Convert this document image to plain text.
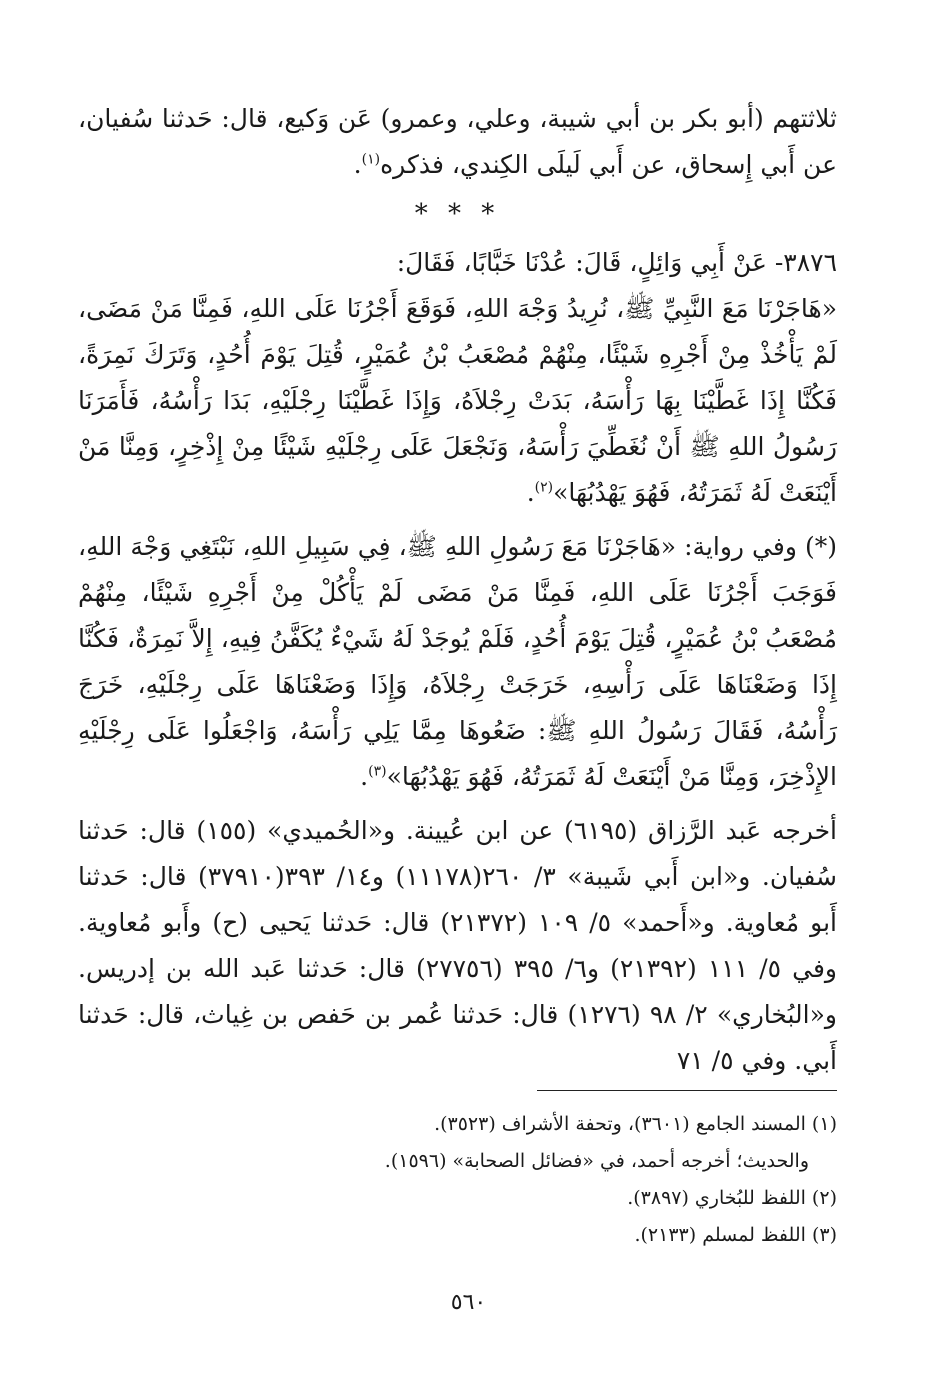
ثلاثتهم (أبو بكر بن أبي شيبة، وعلي، وعمرو) عَن وَكيع، قال: حَدثنا سُفيان، عن أَبي إِسحاق، عن أَبي لَيلَى الكِندي، فذكره$^{(١)}$.

* * *

٣٨٧٦- عَنْ أَبِي وَائِلٍ، قَالَ: عُدْنَا خَبَّابًا، فَقَالَ:

«هَاجَرْنَا مَعَ النَّبِيِّ ﷺ، نُرِيدُ وَجْهَ اللهِ، فَوَقَعَ أَجْرُنَا عَلَى اللهِ، فَمِنَّا مَنْ مَضَى، لَمْ يَأْخُذْ مِنْ أَجْرِهِ شَيْئًا، مِنْهُمْ مُصْعَبُ بْنُ عُمَيْرٍ، قُتِلَ يَوْمَ أُحُدٍ، وَتَرَكَ نَمِرَةً، فَكُنَّا إِذَا غَطَّيْنَا بِهَا رَأْسَهُ، بَدَتْ رِجْلاَهُ، وَإِذَا غَطَّيْنَا رِجْلَيْهِ، بَدَا رَأْسُهُ، فَأَمَرَنَا رَسُولُ اللهِ ﷺ أَنْ نُغَطِّيَ رَأْسَهُ، وَنَجْعَلَ عَلَى رِجْلَيْهِ شَيْئًا مِنْ إِذْخِرٍ، وَمِنَّا مَنْ أَيْنَعَتْ لَهُ ثَمَرَتُهُ، فَهُوَ يَهْدُبُهَا»$^{(٢)}$.

(*) وفي رواية: «هَاجَرْنَا مَعَ رَسُولِ اللهِ ﷺ، فِي سَبِيلِ اللهِ، نَبْتَغِي وَجْهَ اللهِ، فَوَجَبَ أَجْرُنَا عَلَى اللهِ، فَمِنَّا مَنْ مَضَى لَمْ يَأْكُلْ مِنْ أَجْرِهِ شَيْئًا، مِنْهُمْ مُصْعَبُ بْنُ عُمَيْرٍ، قُتِلَ يَوْمَ أُحُدٍ، فَلَمْ يُوجَدْ لَهُ شَيْءٌ يُكَفَّنُ فِيهِ، إِلاَّ نَمِرَةٌ، فَكُنَّا إِذَا وَضَعْنَاهَا عَلَى رَأْسِهِ، خَرَجَتْ رِجْلاَهُ، وَإِذَا وَضَعْنَاهَا عَلَى رِجْلَيْهِ، خَرَجَ رَأْسُهُ، فَقَالَ رَسُولُ اللهِ ﷺ: ضَعُوهَا مِمَّا يَلِي رَأْسَهُ، وَاجْعَلُوا عَلَى رِجْلَيْهِ الإِذْخِرَ، وَمِنَّا مَنْ أَيْنَعَتْ لَهُ ثَمَرَتُهُ، فَهُوَ يَهْدُبُهَا»$^{(٣)}$.

أخرجه عَبد الرَّزاق (٦١٩٥) عن ابن عُيينة. و«الحُميدي» (١٥٥) قال: حَدثنا سُفيان. و«ابن أَبي شَيبة» ٣/ ٢٦٠(١١١٧٨) و١٤/ ٣٩٣(٣٧٩١٠) قال: حَدثنا أَبو مُعاوية. و«أَحمد» ٥/ ١٠٩ (٢١٣٧٢) قال: حَدثنا يَحيى (ح) وأَبو مُعاوية. وفي ٥/ ١١١ (٢١٣٩٢) و٦/ ٣٩٥ (٢٧٧٥٦) قال: حَدثنا عَبد الله بن إدريس. و«البُخاري» ٢/ ٩٨ (١٢٧٦) قال: حَدثنا عُمر بن حَفص بن غِياث، قال: حَدثنا أَبي. وفي ٥/ ٧١

(١) المسند الجامع (٣٦٠١)، وتحفة الأشراف (٣٥٢٣).

والحديث؛ أخرجه أحمد، في «فضائل الصحابة» (١٥٩٦).

(٢) اللفظ للبُخاري (٣٨٩٧).

(٣) اللفظ لمسلم (٢١٣٣).

٥٦٠
